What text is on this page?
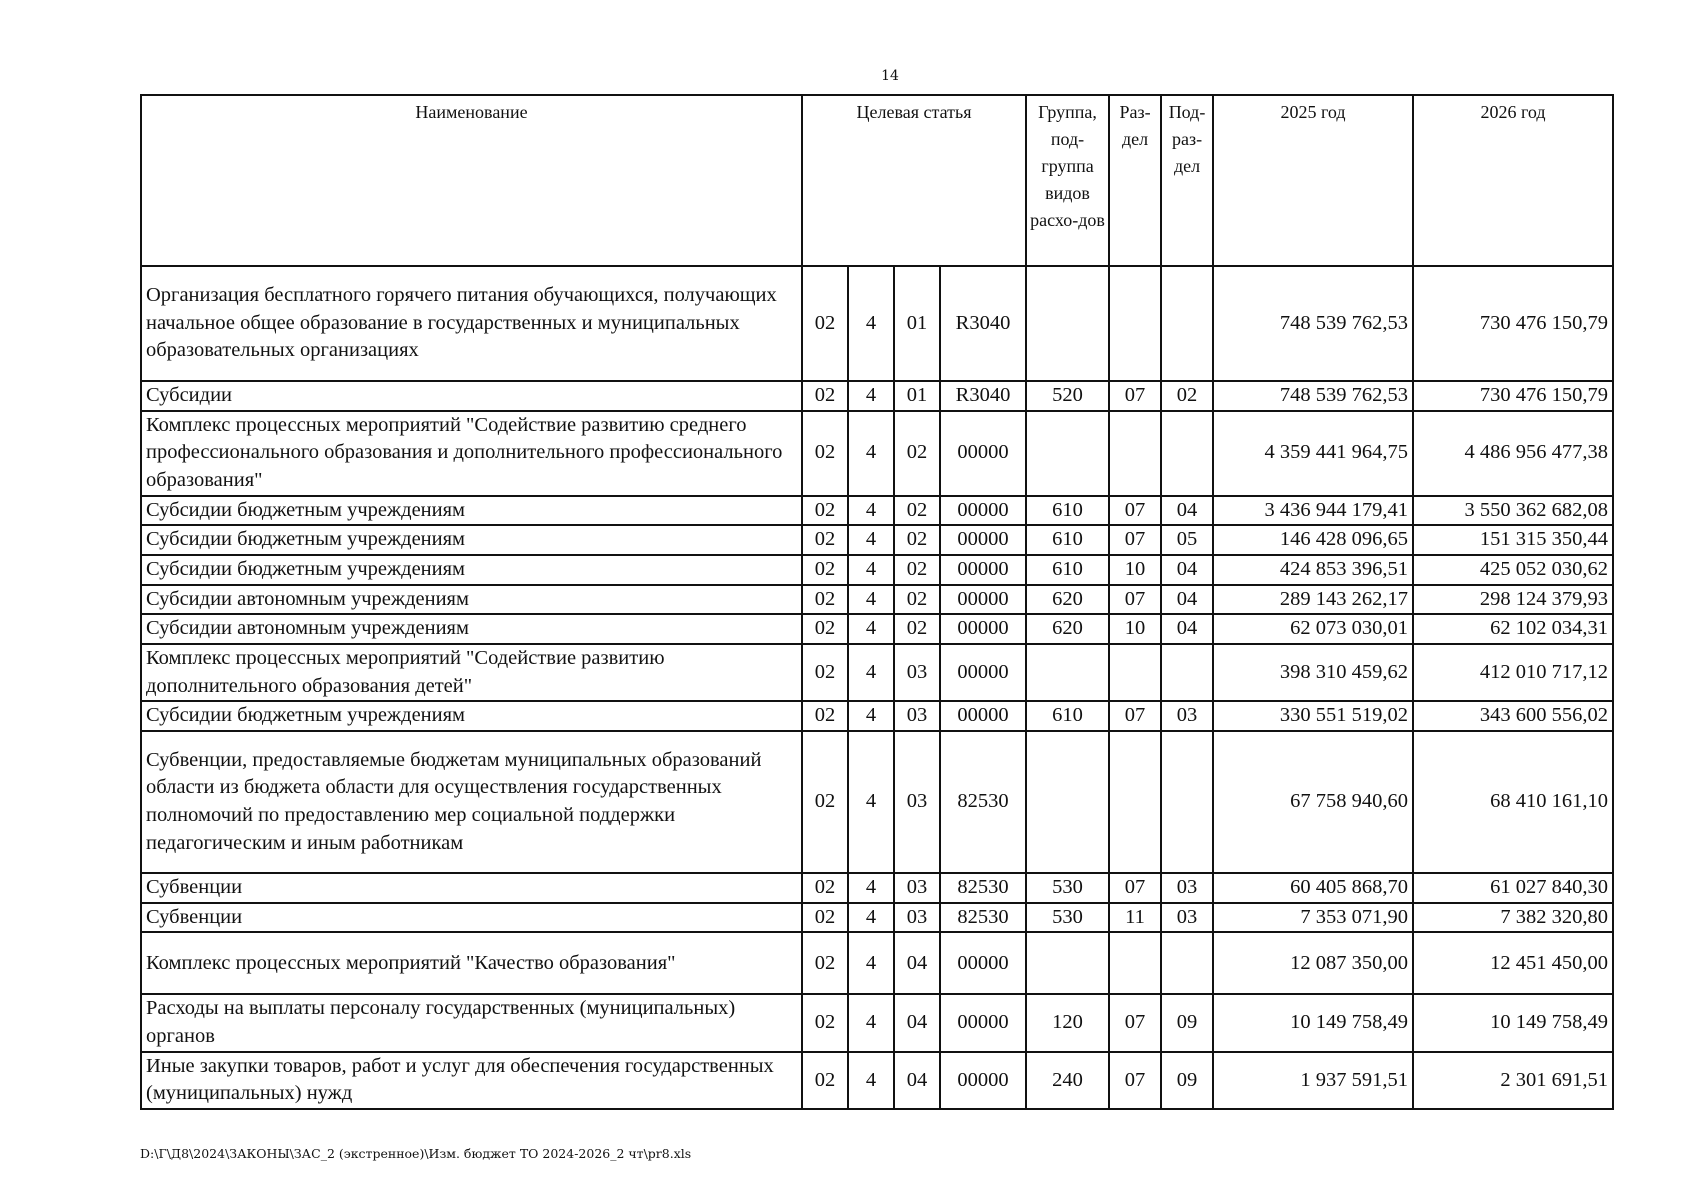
14
Наименование	Целевая статья				Группа, под-группа видов расхо-дов	Раз-дел	Под-раз-дел	2025 год	2026 год
Организация бесплатного горячего питания обучающихся, получающих начальное общее образование в государственных и муниципальных образовательных организациях	02	4	01	R3040				748 539 762,53	730 476 150,79
Субсидии	02	4	01	R3040	520	07	02	748 539 762,53	730 476 150,79
Комплекс процессных мероприятий "Содействие развитию среднего профессионального образования и дополнительного профессионального образования"	02	4	02	00000				4 359 441 964,75	4 486 956 477,38
Субсидии бюджетным учреждениям	02	4	02	00000	610	07	04	3 436 944 179,41	3 550 362 682,08
Субсидии бюджетным учреждениям	02	4	02	00000	610	07	05	146 428 096,65	151 315 350,44
Субсидии бюджетным учреждениям	02	4	02	00000	610	10	04	424 853 396,51	425 052 030,62
Субсидии автономным учреждениям	02	4	02	00000	620	07	04	289 143 262,17	298 124 379,93
Субсидии автономным учреждениям	02	4	02	00000	620	10	04	62 073 030,01	62 102 034,31
Комплекс процессных мероприятий "Содействие развитию дополнительного образования детей"	02	4	03	00000				398 310 459,62	412 010 717,12
Субсидии бюджетным учреждениям	02	4	03	00000	610	07	03	330 551 519,02	343 600 556,02
Субвенции, предоставляемые бюджетам муниципальных образований области из бюджета области для осуществления государственных полномочий по предоставлению мер социальной поддержки педагогическим и иным работникам	02	4	03	82530				67 758 940,60	68 410 161,10
Субвенции	02	4	03	82530	530	07	03	60 405 868,70	61 027 840,30
Субвенции	02	4	03	82530	530	11	03	7 353 071,90	7 382 320,80
Комплекс процессных мероприятий "Качество образования"	02	4	04	00000				12 087 350,00	12 451 450,00
Расходы на выплаты персоналу государственных (муниципальных) органов	02	4	04	00000	120	07	09	10 149 758,49	10 149 758,49
Иные закупки товаров, работ и услуг для обеспечения государственных (муниципальных) нужд	02	4	04	00000	240	07	09	1 937 591,51	2 301 691,51
D:\Г\Д8\2024\ЗАКОНЫ\ЗАС_2 (экстренное)\Изм. бюджет ТО 2024-2026_2 чт\pr8.xls
